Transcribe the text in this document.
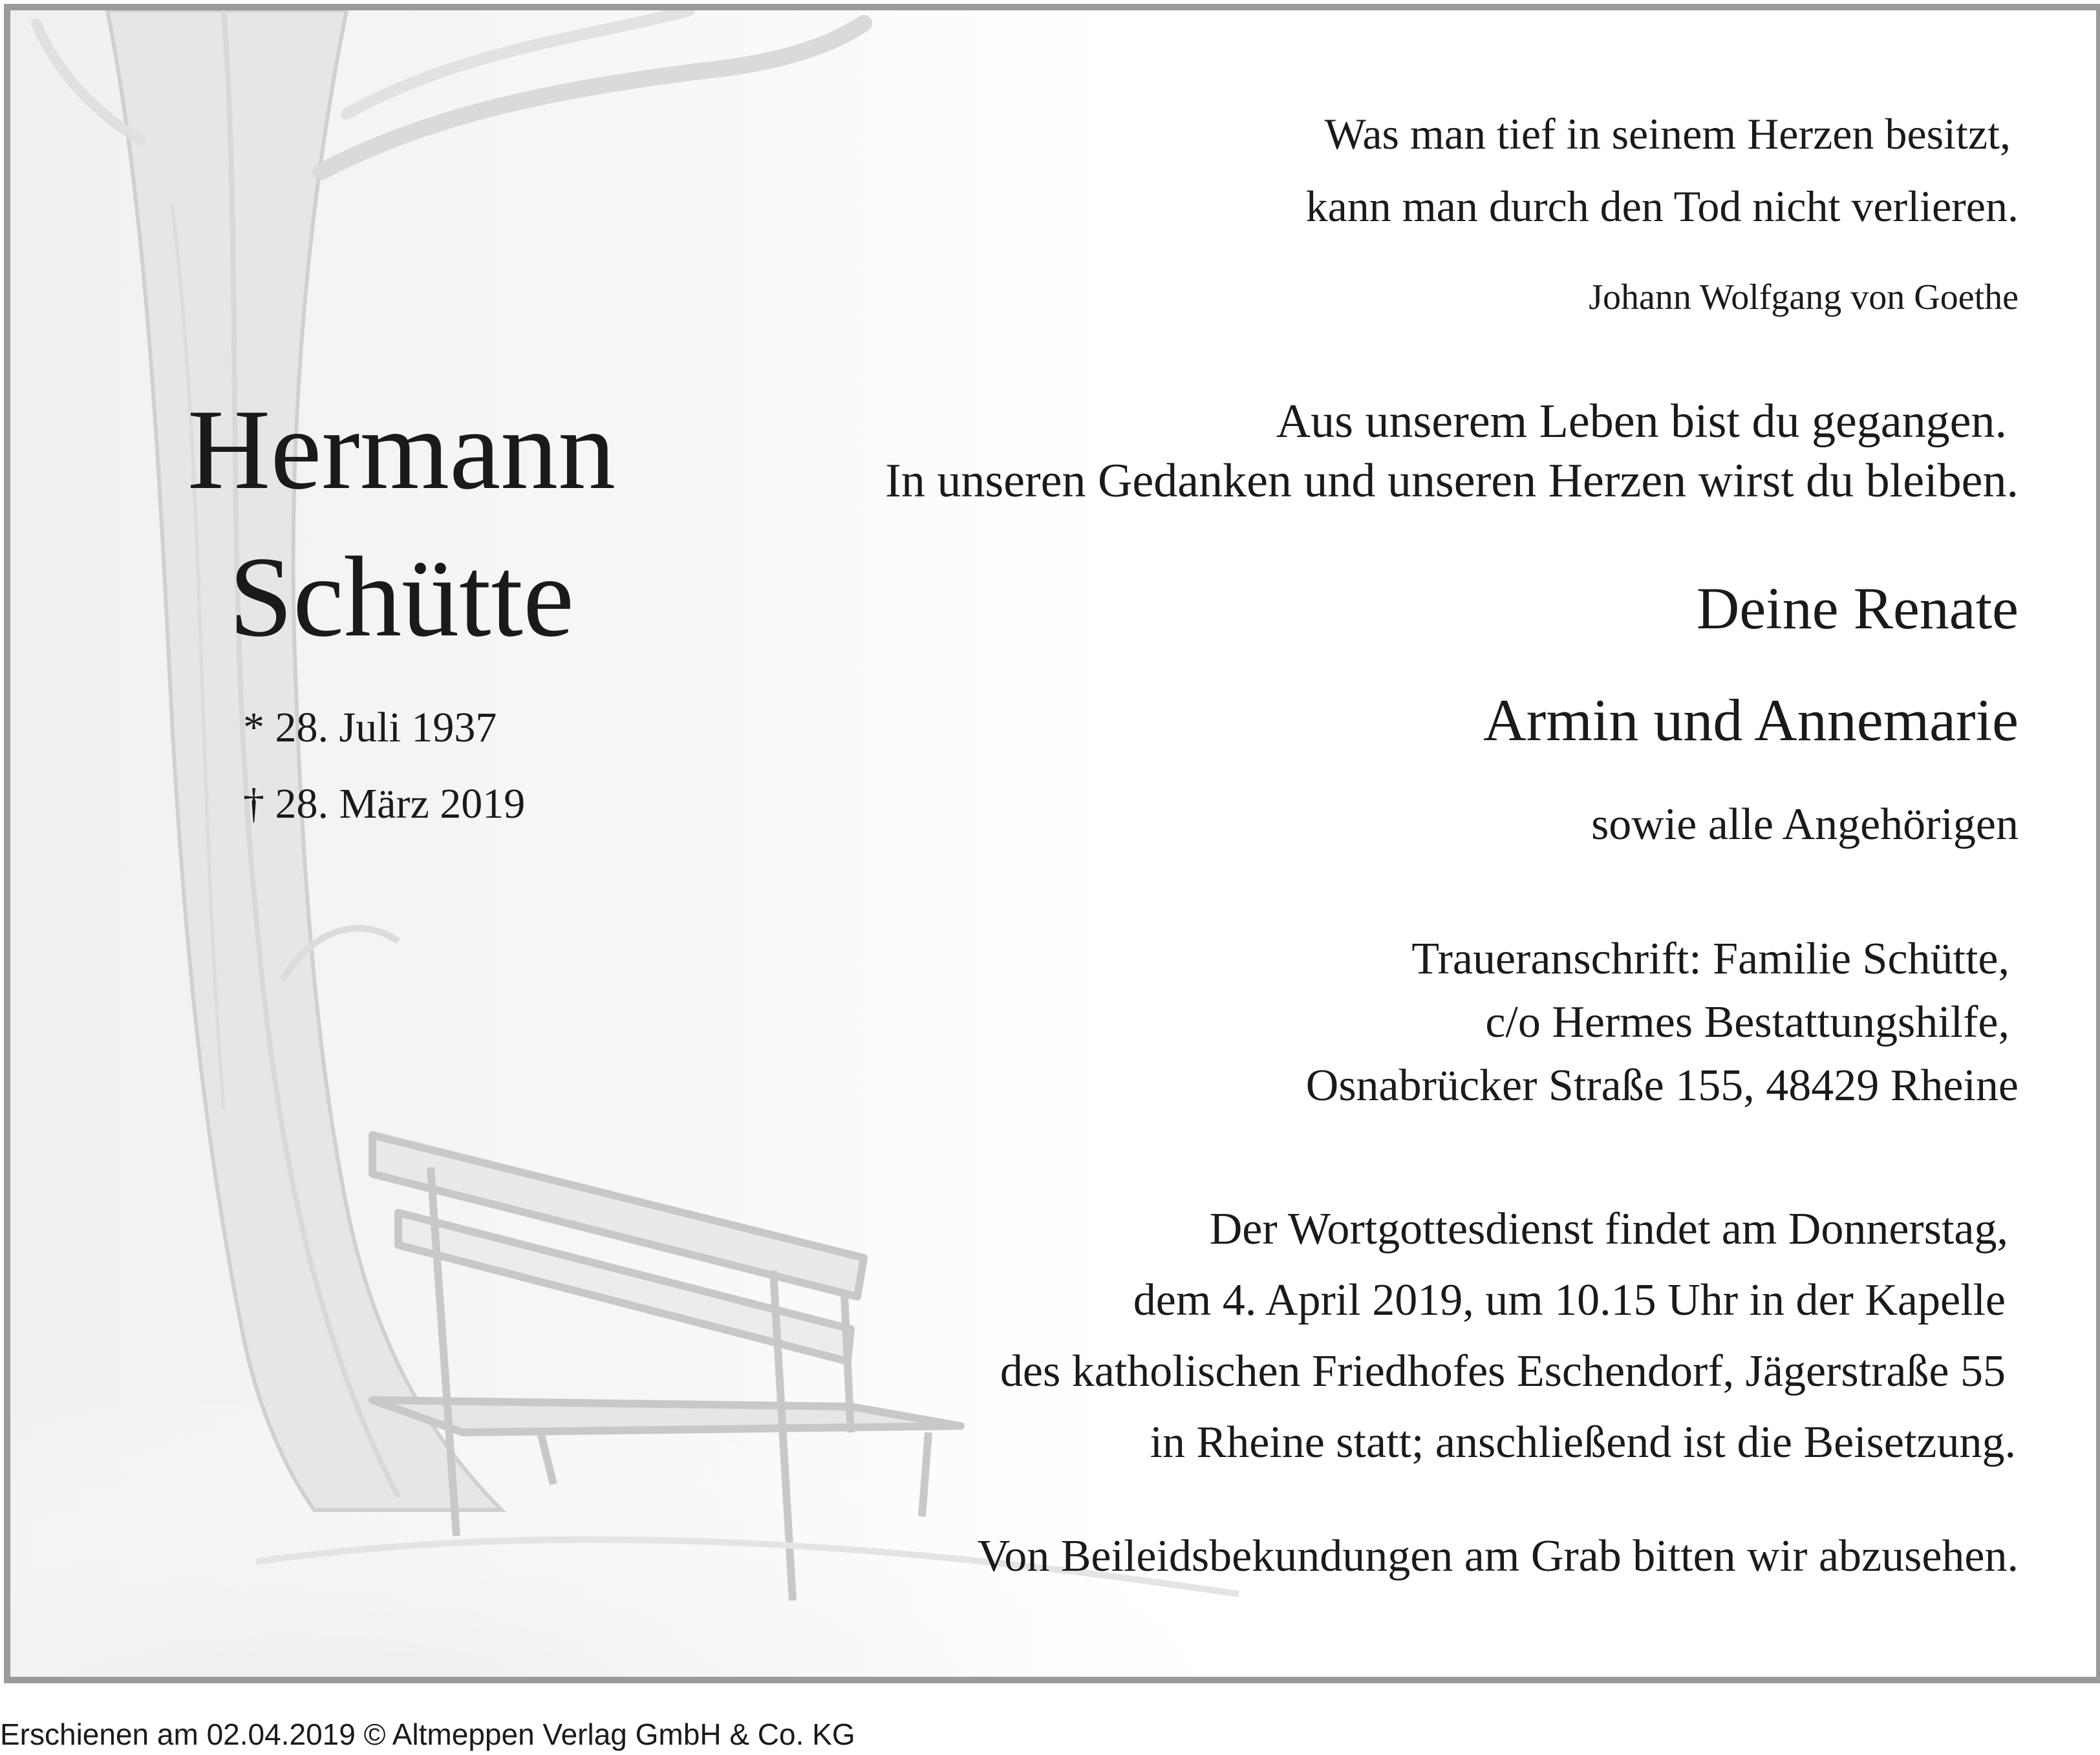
Was man tief in seinem Herzen besitzt,
kann man durch den Tod nicht verlieren.
Johann Wolfgang von Goethe
Aus unserem Leben bist du gegangen.
In unseren Gedanken und unseren Herzen wirst du bleiben.
Hermann
Schütte
* 28. Juli 1937
† 28. März 2019
Deine Renate
Armin und Annemarie
sowie alle Angehörigen
Traueranschrift: Familie Schütte,
c/o Hermes Bestattungshilfe,
Osnabrücker Straße 155, 48429 Rheine
Der Wortgottesdienst findet am Donnerstag,
dem 4. April 2019, um 10.15 Uhr in der Kapelle
des katholischen Friedhofes Eschendorf, Jägerstraße 55
in Rheine statt; anschließend ist die Beisetzung.
Von Beileidsbekundungen am Grab bitten wir abzusehen.
Erschienen am 02.04.2019 © Altmeppen Verlag GmbH & Co. KG
